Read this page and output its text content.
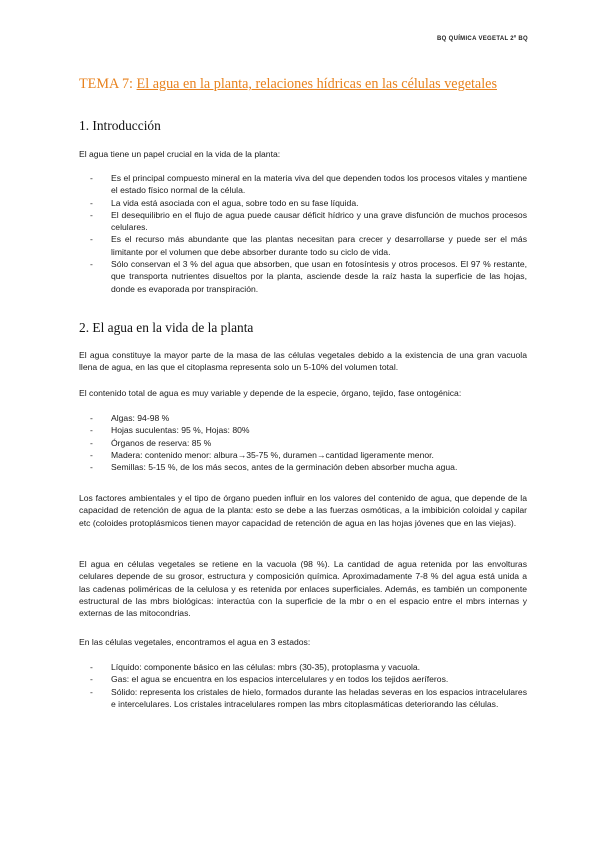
BQ QUÍMICA VEGETAL 2º BQ
TEMA 7: El agua en la planta, relaciones hídricas en las células vegetales
1. Introducción

El agua tiene un papel crucial en la vida de la planta:

- Es el principal compuesto mineral en la materia viva del que dependen todos los procesos vitales y mantiene el estado físico normal de la célula.
- La vida está asociada con el agua, sobre todo en su fase líquida.
- El desequilibrio en el flujo de agua puede causar déficit hídrico y una grave disfunción de muchos procesos celulares.
- Es el recurso más abundante que las plantas necesitan para crecer y desarrollarse y puede ser el más limitante por el volumen que debe absorber durante todo su ciclo de vida.
- Sólo conservan el 3 % del agua que absorben, que usan en fotosíntesis y otros procesos. El 97 % restante, que transporta nutrientes disueltos por la planta, asciende desde la raíz hasta la superficie de las hojas, donde es evaporada por transpiración.
2. El agua en la vida de la planta

El agua constituye la mayor parte de la masa de las células vegetales debido a la existencia de una gran vacuola llena de agua, en las que el citoplasma representa solo un 5-10% del volumen total.

El contenido total de agua es muy variable y depende de la especie, órgano, tejido, fase ontogénica:

- Algas: 94-98 %
- Hojas suculentas: 95 %, Hojas: 80%
- Órganos de reserva: 85 %
- Madera: contenido menor: albura→35-75 %, duramen→cantidad ligeramente menor.
- Semillas: 5-15 %, de los más secos, antes de la germinación deben absorber mucha agua.

Los factores ambientales y el tipo de órgano pueden influir en los valores del contenido de agua, que depende de la capacidad de retención de agua de la planta: esto se debe a las fuerzas osmóticas, a la imbibición coloidal y capilar etc (coloides protoplásmicos tienen mayor capacidad de retención de agua en las hojas jóvenes que en las viejas).

El agua en células vegetales se retiene en la vacuola (98 %). La cantidad de agua retenida por las envolturas celulares depende de su grosor, estructura y composición química. Aproximadamente 7-8 % del agua está unida a las cadenas poliméricas de la celulosa y es retenida por enlaces superficiales. Además, es también un componente estructural de las mbrs biológicas: interactúa con la superficie de la mbr o en el espacio entre el mbrs internas y externas de las mitocondrias.

En las células vegetales, encontramos el agua en 3 estados:

- Líquido: componente básico en las células: mbrs (30-35), protoplasma y vacuola.
- Gas: el agua se encuentra en los espacios intercelulares y en todos los tejidos aeríferos.
- Sólido: representa los cristales de hielo, formados durante las heladas severas en los espacios intracelulares e intercelulares. Los cristales intracelulares rompen las mbrs citoplasmáticas deteriorando las células.
